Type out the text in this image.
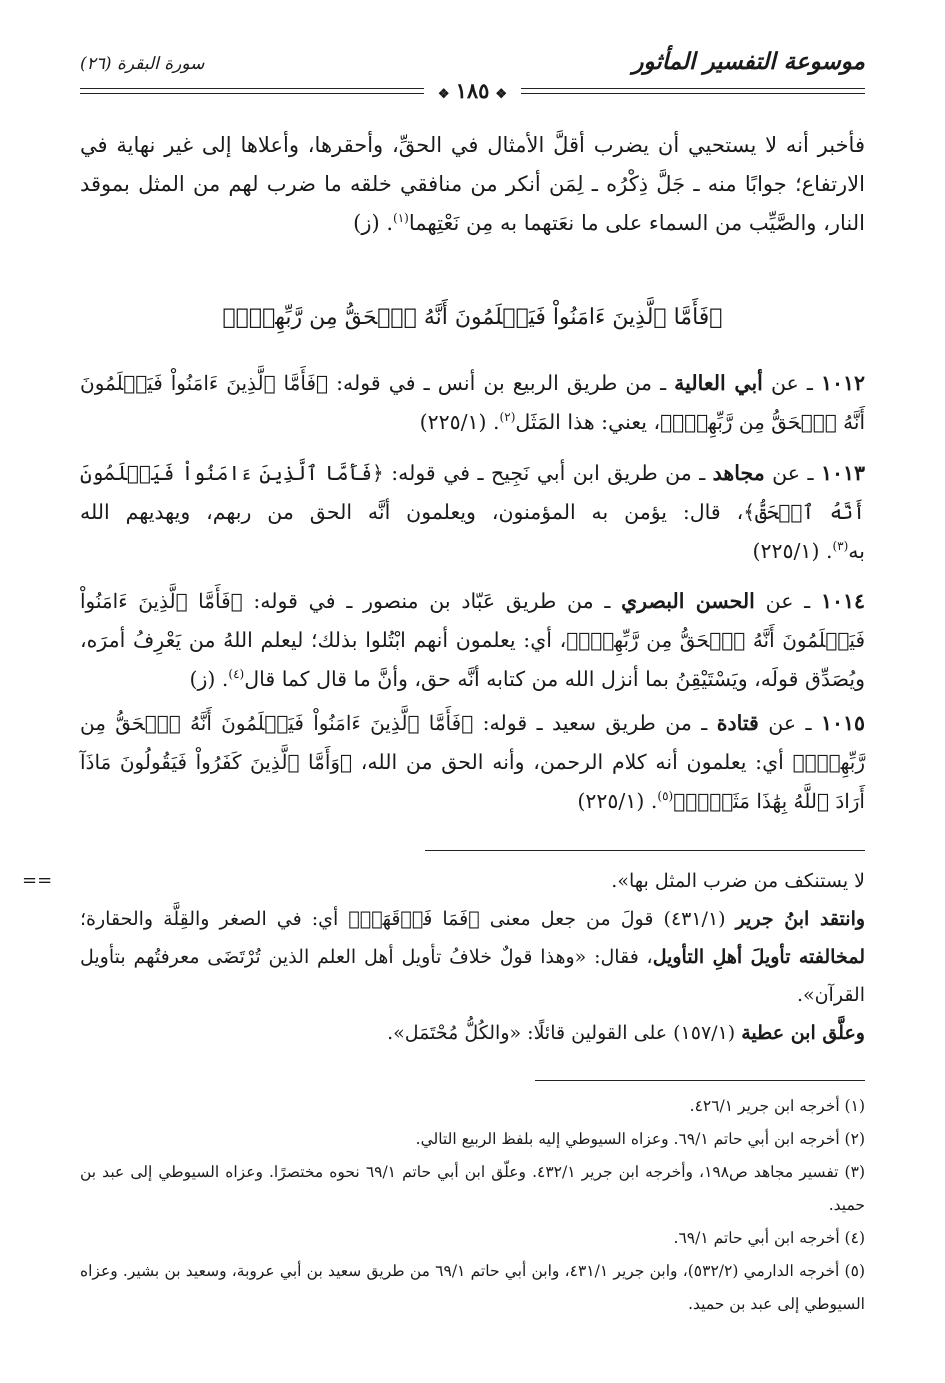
موسوعة التفسير المأثور
سورة البقرة (٢٦)
❖١٨٥❖

فأخبر أنه لا يستحيي أن يضرب أقلَّ الأمثال في الحقِّ، وأحقرها، وأعلاها إلى غير نهاية في الارتفاع؛ جوابًا منه ـ جَلَّ ذِكْرُه ـ لِمَن أنكر من منافقي خلقه ما ضرب لهم من المثل بموقد النار، والصَّيِّب من السماء على ما نعَتهما به مِن نَعْتِهما$^{(١)}$. (ز)

﴿فَأَمَّا ٱلَّذِينَ ءَامَنُواْ فَيَعۡلَمُونَ أَنَّهُ ٱلۡحَقُّ مِن رَّبِّهِمۡۖ﴾

١٠١٢ ـ عن أبي العالية ـ من طريق الربيع بن أنس ـ في قوله: ﴿فَأَمَّا ٱلَّذِينَ ءَامَنُواْ فَيَعۡلَمُونَ أَنَّهُ ٱلۡحَقُّ مِن رَّبِّهِمۡۖ﴾، يعني: هذا المَثَل$^{(٢)}$. (٢٢٥/١)

١٠١٣ ـ عن مجاهد ـ من طريق ابن أبي نَجِيح ـ في قوله: ﴿فَأَمَّا ٱلَّذِينَ ءَامَنُواْ فَيَعۡلَمُونَ أَنَّهُ ٱلۡحَقُّ﴾، قال: يؤمن به المؤمنون، ويعلمون أنَّه الحق من ربهم، ويهديهم الله به$^{(٣)}$. (٢٢٥/١)

١٠١٤ ـ عن الحسن البصري ـ من طريق عَبّاد بن منصور ـ في قوله: ﴿فَأَمَّا ٱلَّذِينَ ءَامَنُواْ فَيَعۡلَمُونَ أَنَّهُ ٱلۡحَقُّ مِن رَّبِّهِمۡۖ﴾، أي: يعلمون أنهم ابْتُلوا بذلك؛ ليعلم اللهُ من يَعْرِفُ أمرَه، ويُصَدِّق قولَه، ويَسْتَيْقِنُ بما أنزل الله من كتابه أنَّه حق، وأنَّ ما قال كما قال$^{(٤)}$. (ز)

١٠١٥ ـ عن قتادة ـ من طريق سعيد ـ قوله: ﴿فَأَمَّا ٱلَّذِينَ ءَامَنُواْ فَيَعۡلَمُونَ أَنَّهُ ٱلۡحَقُّ مِن رَّبِّهِمۡۖ﴾ أي: يعلمون أنه كلام الرحمن، وأنه الحق من الله، ﴿وَأَمَّا ٱلَّذِينَ كَفَرُواْ فَيَقُولُونَ مَاذَآ أَرَادَ ٱللَّهُ بِهَٰذَا مَثَلٗاۘ﴾$^{(٥)}$. (٢٢٥/١)

==	لا يستنكف من ضرب المثل بها».

وانتقد ابنُ جرير (٤٣١/١) قولَ من جعل معنى ﴿فَمَا فَوۡقَهَاۚ﴾ أي: في الصغر والقِلَّة والحقارة؛ لمخالفته تأويلَ أهلِ التأويل، فقال: «وهذا قولٌ خلافُ تأويل أهل العلم الذين تُرْتَضَى معرفتُهم بتأويل القرآن».

وعلَّق ابن عطية (١٥٧/١) على القولين قائلًا: «والكُلُّ مُحْتَمَل».

(١) أخرجه ابن جرير ٤٢٦/١.

(٢) أخرجه ابن أبي حاتم ٦٩/١. وعزاه السيوطي إليه بلفظ الربيع التالي.

(٣) تفسير مجاهد ص١٩٨، وأخرجه ابن جرير ٤٣٢/١. وعلّق ابن أبي حاتم ٦٩/١ نحوه مختصرًا. وعزاه السيوطي إلى عبد بن حميد.

(٤) أخرجه ابن أبي حاتم ٦٩/١.

(٥) أخرجه الدارمي (٥٣٢/٢)، وابن جرير ٤٣١/١، وابن أبي حاتم ٦٩/١ من طريق سعيد بن أبي عروبة، وسعيد بن بشير. وعزاه السيوطي إلى عبد بن حميد.
